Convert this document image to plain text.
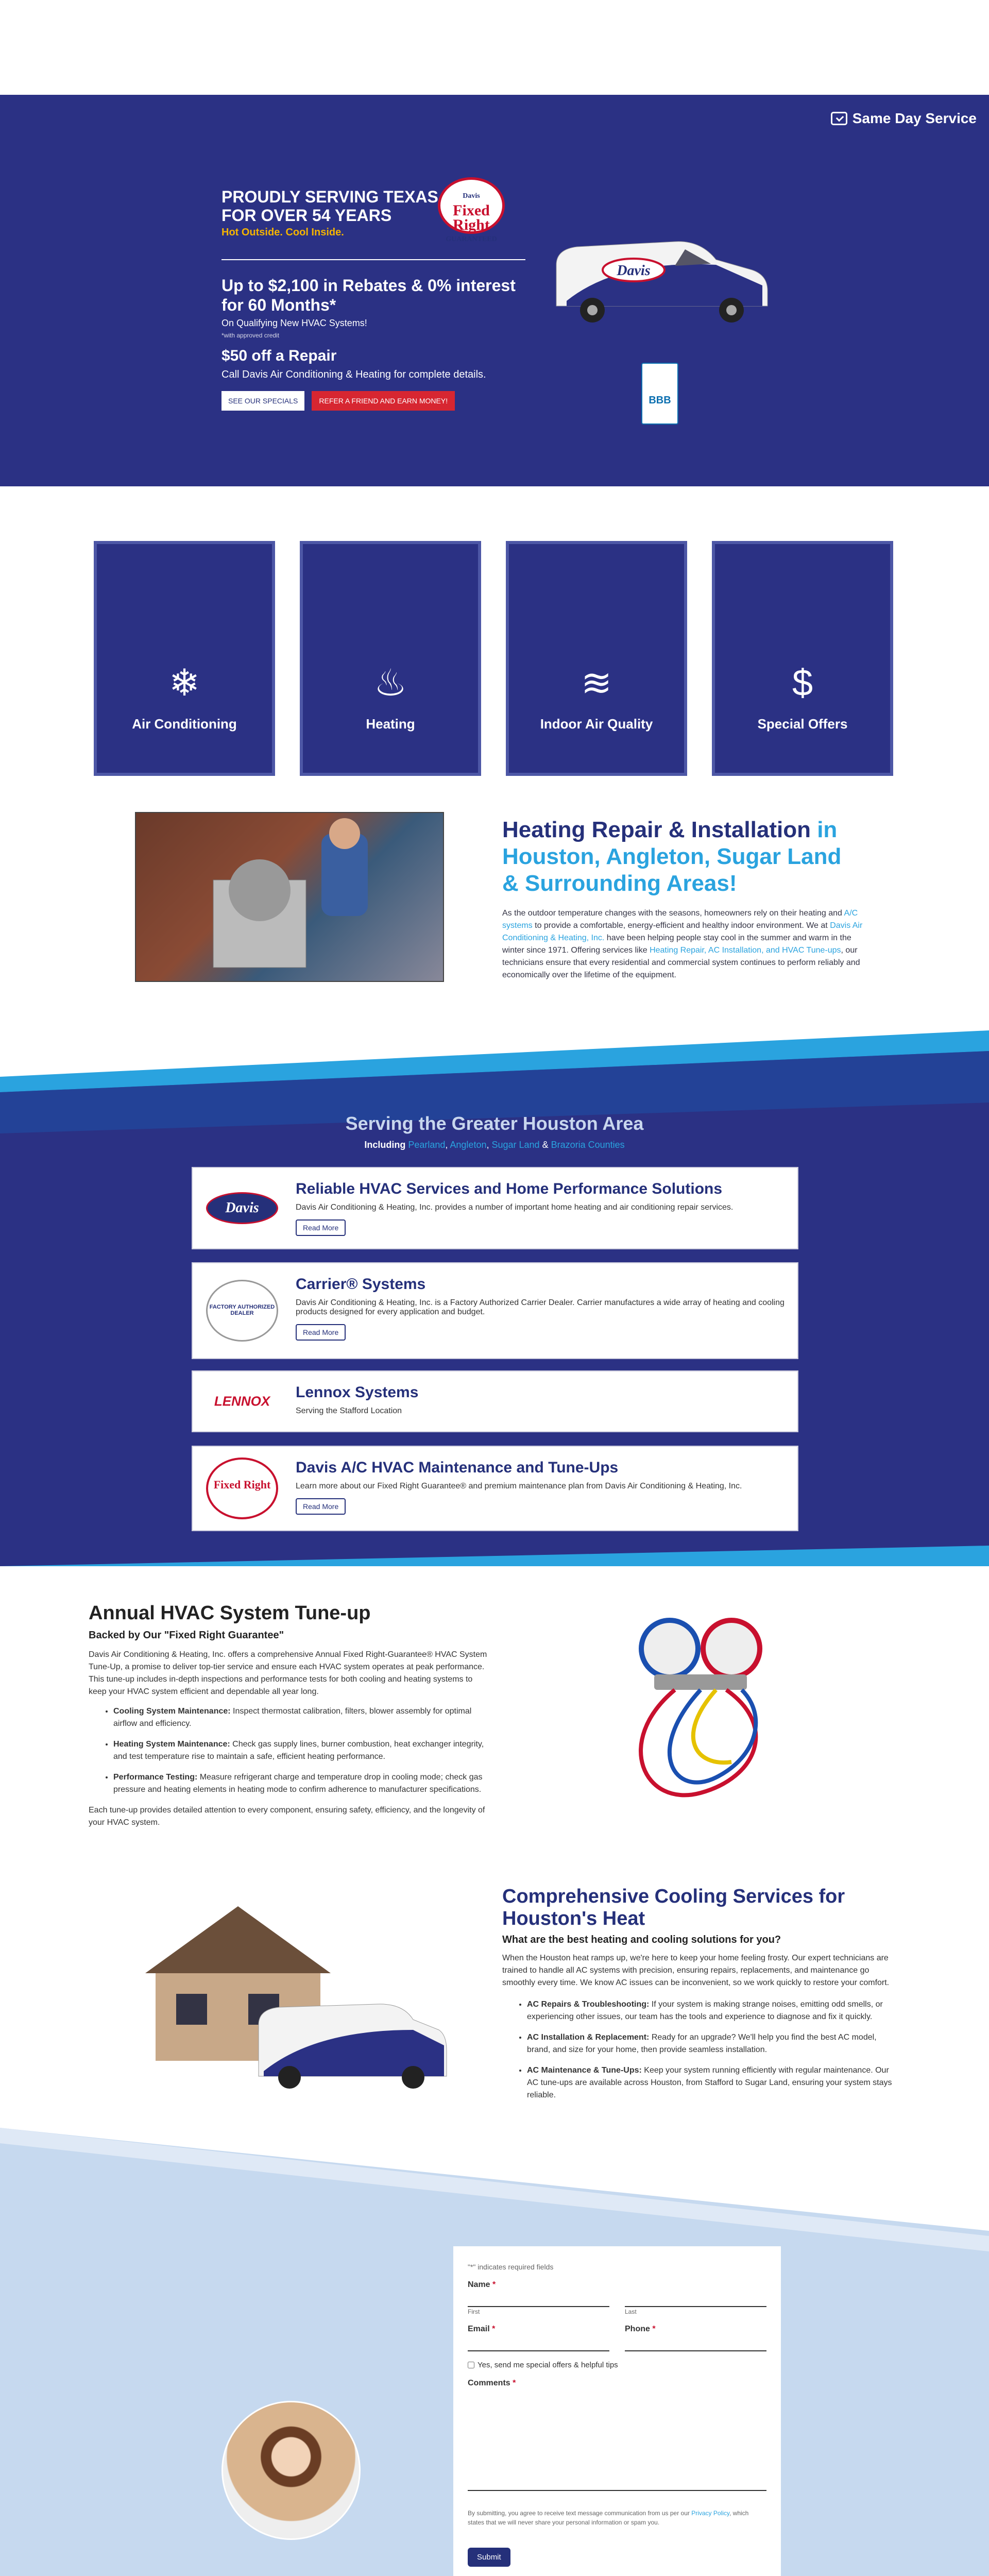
Same Day Service
PROUDLY SERVING TEXAS
FOR OVER 54 YEARS
Hot Outside. Cool Inside.
Davis
Fixed Right
GUARANTEED
Up to $2,100 in Rebates & 0% interest for 60 Months*
On Qualifying New HVAC Systems!
*with approved credit
$50 off a Repair
Call Davis Air Conditioning & Heating for complete details.
SEE OUR SPECIALS	REFER A FRIEND AND EARN MONEY!
Davis
BBB
❄
Air Conditioning
♨
Heating
≋
Indoor Air Quality
$
Special Offers
Heating Repair & Installation in Houston, Angleton, Sugar Land & Surrounding Areas!

As the outdoor temperature changes with the seasons, homeowners rely on their heating and A/C systems to provide a comfortable, energy-efficient and healthy indoor environment. We at Davis Air Conditioning & Heating, Inc. have been helping people stay cool in the summer and warm in the winter since 1971. Offering services like Heating Repair, AC Installation, and HVAC Tune-ups, our technicians ensure that every residential and commercial system continues to perform reliably and economically over the lifetime of the equipment.

Serving the Greater Houston Area
Including Pearland, Angleton, Sugar Land & Brazoria Counties
Davis
Reliable HVAC Services and Home Performance Solutions
Davis Air Conditioning & Heating, Inc. provides a number of important home heating and air conditioning repair services.
Read More
FACTORY AUTHORIZED DEALER
Carrier® Systems
Davis Air Conditioning & Heating, Inc. is a Factory Authorized Carrier Dealer. Carrier manufactures a wide array of heating and cooling products designed for every application and budget.
Read More
LENNOX
Lennox Systems
Serving the Stafford Location
Fixed Right
Davis A/C HVAC Maintenance and Tune-Ups
Learn more about our Fixed Right Guarantee® and premium maintenance plan from Davis Air Conditioning & Heating, Inc.
Read More
Annual HVAC System Tune-up
Backed by Our "Fixed Right Guarantee"

Davis Air Conditioning & Heating, Inc. offers a comprehensive Annual Fixed Right-Guarantee® HVAC System Tune-Up, a promise to deliver top-tier service and ensure each HVAC system operates at peak performance. This tune-up includes in-depth inspections and performance tests for both cooling and heating systems to keep your HVAC system efficient and dependable all year long.

• Cooling System Maintenance: Inspect thermostat calibration, filters, blower assembly for optimal airflow and efficiency.
• Heating System Maintenance: Check gas supply lines, burner combustion, heat exchanger integrity, and test temperature rise to maintain a safe, efficient heating performance.
• Performance Testing: Measure refrigerant charge and temperature drop in cooling mode; check gas pressure and heating elements in heating mode to confirm adherence to manufacturer specifications.

Each tune-up provides detailed attention to every component, ensuring safety, efficiency, and the longevity of your HVAC system.

Comprehensive Cooling Services for Houston's Heat
What are the best heating and cooling solutions for you?

When the Houston heat ramps up, we're here to keep your home feeling frosty. Our expert technicians are trained to handle all AC systems with precision, ensuring repairs, replacements, and maintenance go smoothly every time. We know AC issues can be inconvenient, so we work quickly to restore your comfort.

• AC Repairs & Troubleshooting: If your system is making strange noises, emitting odd smells, or experiencing other issues, our team has the tools and experience to diagnose and fix it quickly.
• AC Installation & Replacement: Ready for an upgrade? We'll help you find the best AC model, brand, and size for your home, then provide seamless installation.
• AC Maintenance & Tune-Ups: Keep your system running efficiently with regular maintenance. Our AC tune-ups are available across Houston, from Stafford to Sugar Land, ensuring your system stays reliable.
"*" indicates required fields
Name *
First	Last
Email *	Phone *
Yes, send me special offers & helpful tips
Comments *

By submitting, you agree to receive text message communication from us per our Privacy Policy, which states that we will never share your personal information or spam you.

Submit
